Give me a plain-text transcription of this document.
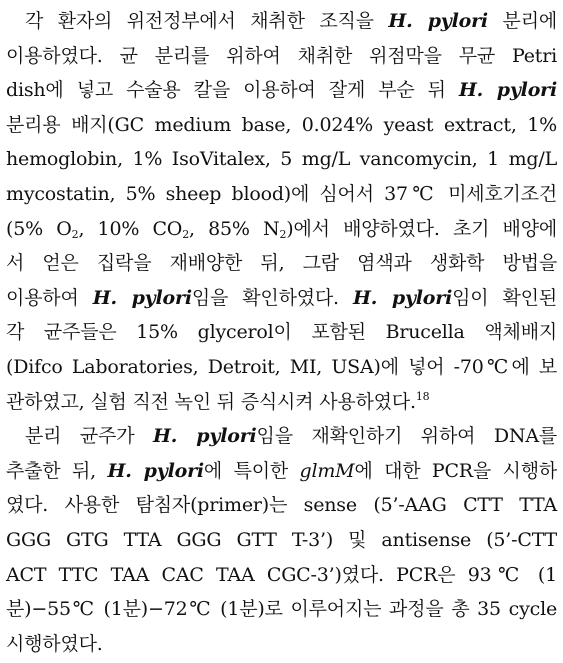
각 환자의 위전정부에서 채취한 조직을 H. pylori 분리에
이용하였다. 균 분리를 위하여 채취한 위점막을 무균 Petri
dish에 넣고 수술용 칼을 이용하여 잘게 부순 뒤 H. pylori
분리용 배지(GC medium base, 0.024% yeast extract, 1%
hemoglobin, 1% IsoVitalex, 5 mg/L vancomycin, 1 mg/L
mycostatin, 5% sheep blood)에 심어서 37℃ 미세호기조건
(5% $O_2$, 10% $CO_2$, 85% $N_2$)에서 배양하였다. 초기 배양에
서 얻은 집락을 재배양한 뒤, 그람 염색과 생화학 방법을
이용하여 H. pylori임을 확인하였다. H. pylori임이 확인된
각 균주들은 15% glycerol이 포함된 Brucella 액체배지
(Difco Laboratories, Detroit, MI, USA)에 넣어 -70℃에 보
관하였고, 실험 직전 녹인 뒤 증식시켜 사용하였다.$^{18}$
분리 균주가 H. pylori임을 재확인하기 위하여 DNA를
추출한 뒤, H. pylori에 특이한 glmM에 대한 PCR을 시행하
였다. 사용한 탐침자(primer)는 sense (5’-AAG CTT TTA
GGG GTG TTA GGG GTT T-3’) 및 antisense (5’-CTT
ACT TTC TAA CAC TAA CGC-3’)였다. PCR은 93℃ (1
분)−55℃ (1분)−72℃ (1분)로 이루어지는 과정을 총 35 cycle
시행하였다.
